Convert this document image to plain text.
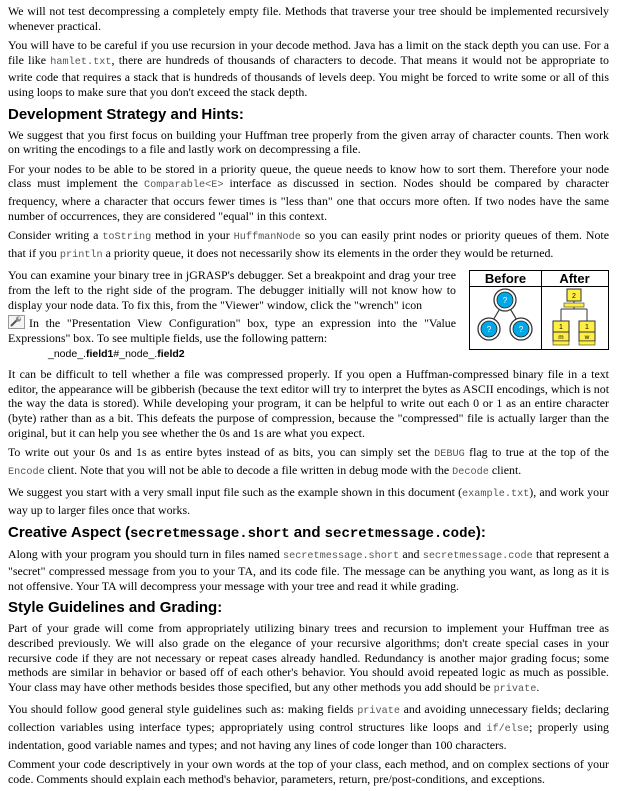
We will not test decompressing a completely empty file. Methods that traverse your tree should be implemented recursively whenever practical.

You will have to be careful if you use recursion in your decode method. Java has a limit on the stack depth you can use. For a file like hamlet.txt, there are hundreds of thousands of characters to decode. That means it would not be appropriate to write code that requires a stack that is hundreds of thousands of levels deep. You might be forced to write some or all of this using loops to make sure that you don't exceed the stack depth.

Development Strategy and Hints:

We suggest that you first focus on building your Huffman tree properly from the given array of character counts. Then work on writing the encodings to a file and lastly work on decompressing a file.

For your nodes to be able to be stored in a priority queue, the queue needs to know how to sort them. Therefore your node class must implement the Comparable<E> interface as discussed in section. Nodes should be compared by character frequency, where a character that occurs fewer times is "less than" one that occurs more often. If two nodes have the same number of occurrences, they are considered "equal" in this context.

Consider writing a toString method in your HuffmanNode so you can easily print nodes or priority queues of them. Note that if you println a priority queue, it does not necessarily show its elements in the order they would be returned.

You can examine your binary tree in jGRASP's debugger. Set a breakpoint and drag your tree from the left to the right side of the program. The debugger initially will not know how to display your node data. To fix this, from the "Viewer" window, click the "wrench" icon

In the "Presentation View Configuration" box, type an expression into the "Value Expressions" box. To see multiple fields, use the following pattern:

_node_.field1#_node_.field2
Before
?
?	?
After
2
1
m
1
w

It can be difficult to tell whether a file was compressed properly. If you open a Huffman-compressed binary file in a text editor, the appearance will be gibberish (because the text editor will try to interpret the bytes as ASCII encodings, which is not the way the data is stored). While developing your program, it can be helpful to write out each 0 or 1 as an entire character (byte) rather than as a bit. This defeats the purpose of compression, because the "compressed" file is actually larger than the original, but it can help you see whether the 0s and 1s are what you expect.

To write out your 0s and 1s as entire bytes instead of as bits, you can simply set the DEBUG flag to true at the top of the Encode client. Note that you will not be able to decode a file written in debug mode with the Decode client.

We suggest you start with a very small input file such as the example shown in this document (example.txt), and work your way up to larger files once that works.

Creative Aspect (secretmessage.short and secretmessage.code):

Along with your program you should turn in files named secretmessage.short and secretmessage.code that represent a "secret" compressed message from you to your TA, and its code file. The message can be anything you want, as long as it is not offensive. Your TA will decompress your message with your tree and read it while grading.

Style Guidelines and Grading:

Part of your grade will come from appropriately utilizing binary trees and recursion to implement your Huffman tree as described previously. We will also grade on the elegance of your recursive algorithms; don't create special cases in your recursive code if they are not necessary or repeat cases already handled. Redundancy is another major grading focus; some methods are similar in behavior or based off of each other's behavior. You should avoid repeated logic as much as possible. Your class may have other methods besides those specified, but any other methods you add should be private.

You should follow good general style guidelines such as: making fields private and avoiding unnecessary fields; declaring collection variables using interface types; appropriately using control structures like loops and if/else; properly using indentation, good variable names and types; and not having any lines of code longer than 100 characters.

Comment your code descriptively in your own words at the top of your class, each method, and on complex sections of your code. Comments should explain each method's behavior, parameters, return, pre/post-conditions, and exceptions.
